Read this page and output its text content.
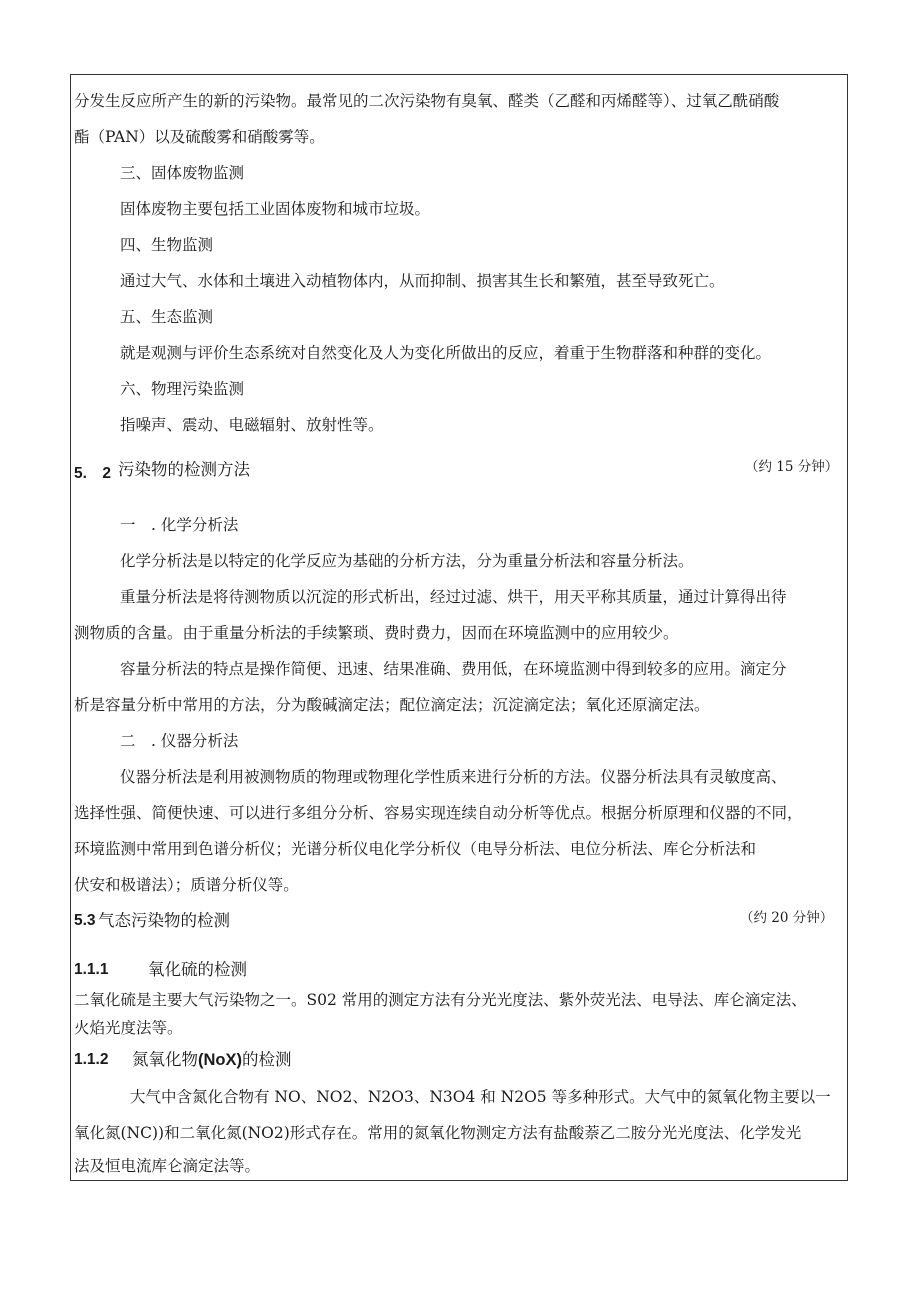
分发生反应所产生的新的污染物。最常见的二次污染物有臭氧、醛类（乙醛和丙烯醛等）、过氧乙酰硝酸
酯（PAN）以及硫酸雾和硝酸雾等。
三、固体废物监测
固体废物主要包括工业固体废物和城市垃圾。
四、生物监测
通过大气、水体和土壤进入动植物体内，从而抑制、损害其生长和繁殖，甚至导致死亡。
五、生态监测
就是观测与评价生态系统对自然变化及人为变化所做出的反应，着重于生物群落和种群的变化。
六、物理污染监测
指噪声、震动、电磁辐射、放射性等。
5.　2 污染物的检测方法	（约 15 分钟）
一　. 化学分析法
化学分析法是以特定的化学反应为基础的分析方法，分为重量分析法和容量分析法。
重量分析法是将待测物质以沉淀的形式析出，经过过滤、烘干，用天平称其质量，通过计算得出待
测物质的含量。由于重量分析法的手续繁琐、费时费力，因而在环境监测中的应用较少。
容量分析法的特点是操作简便、迅速、结果准确、费用低，在环境监测中得到较多的应用。滴定分
析是容量分析中常用的方法，分为酸碱滴定法；配位滴定法；沉淀滴定法；氧化还原滴定法。
二　. 仪器分析法
仪器分析法是利用被测物质的物理或物理化学性质来进行分析的方法。仪器分析法具有灵敏度高、
选择性强、简便快速、可以进行多组分分析、容易实现连续自动分析等优点。根据分析原理和仪器的不同，
环境监测中常用到色谱分析仪；光谱分析仪电化学分析仪（电导分析法、电位分析法、库仑分析法和
伏安和极谱法）；质谱分析仪等。
5.3 气态污染物的检测	（约 20 分钟）
1.1.1 氧化硫的检测
二氧化硫是主要大气污染物之一。S02 常用的测定方法有分光光度法、紫外荧光法、电导法、库仑滴定法、
火焰光度法等。
1.1.2 氮氧化物(NoX)的检测
大气中含氮化合物有 NO、NO2、N2O3、N3O4 和 N2O5 等多种形式。大气中的氮氧化物主要以一
氧化氮(NC))和二氧化氮(NO2)形式存在。常用的氮氧化物测定方法有盐酸萘乙二胺分光光度法、化学发光
法及恒电流库仑滴定法等。
